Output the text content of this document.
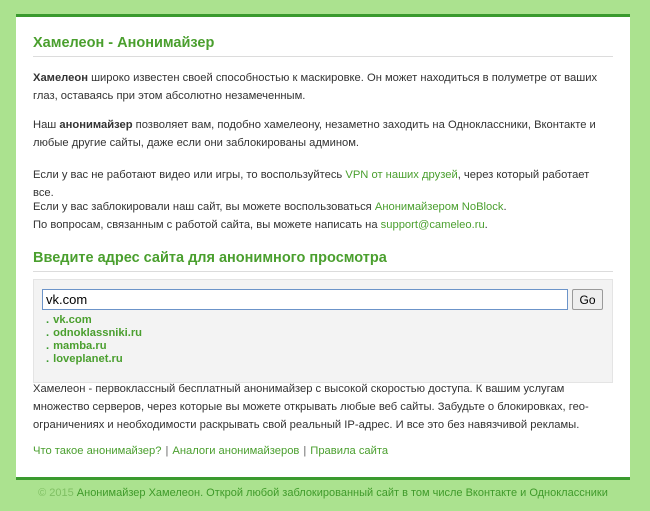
Хамелеон - Анонимайзер

Хамелеон широко известен своей способностью к маскировке. Он может находиться в полуметре от ваших глаз, оставаясь при этом абсолютно незамеченным.

Наш анонимайзер позволяет вам, подобно хамелеону, незаметно заходить на Одноклассники, Вконтакте и любые другие сайты, даже если они заблокированы админом.

Если у вас не работают видео или игры, то воспользуйтесь VPN от наших друзей, через который работает все.

Если у вас заблокировали наш сайт, вы можете воспользоваться Анонимайзером NoBlock.
По вопросам, связанным с работой сайта, вы можете написать на support@cameleo.ru.

Введите адрес сайта для анонимного просмотра
vk.com
Go
. vk.com
. odnoklassniki.ru
. mamba.ru
. loveplanet.ru

Хамелеон - первоклассный бесплатный анонимайзер с высокой скоростью доступа. К вашим услугам множество серверов, через которые вы можете открывать любые веб сайты. Забудьте о блокировках, гео-ограничениях и необходимости раскрывать свой реальный IP-адрес. И все это без навязчивой рекламы.

Что такое анонимайзер? | Аналоги анонимайзеров | Правила сайта
© 2015 Анонимайзер Хамелеон. Открой любой заблокированный сайт в том числе Вконтакте и Одноклассники
